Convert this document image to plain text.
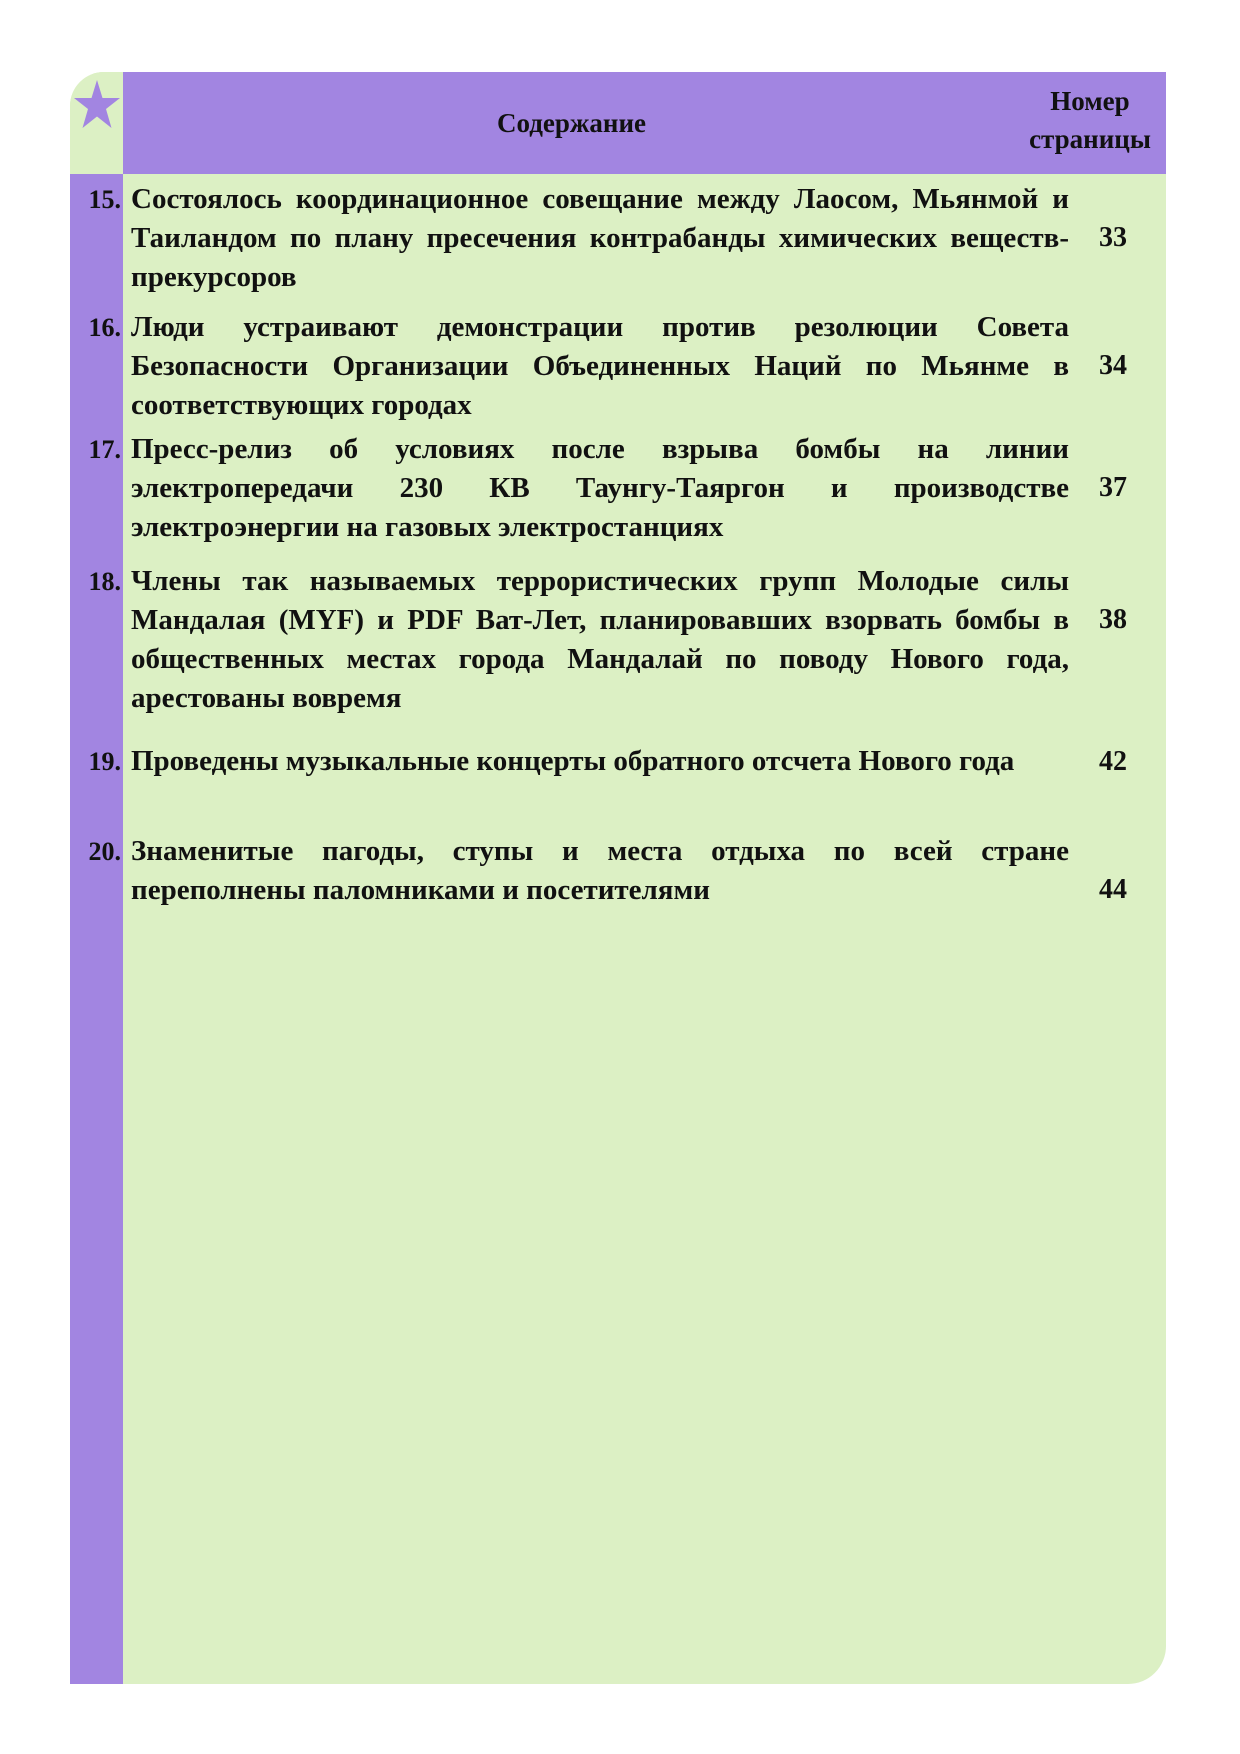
Содержание
Номер
страницы
15. Состоялось координационное совещание между Лаосом, Мьянмой и Таиландом по плану пресечения контрабанды химических веществ-прекурсоров
33
16. Люди устраивают демонстрации против резолюции Совета Безопасности Организации Объединенных Наций по Мьянме в соответствующих городах
34
17. Пресс-релиз об условиях после взрыва бомбы на линии электропередачи 230 КВ Таунгу-Таяргон и производстве электроэнергии на газовых электростанциях
37
18. Члены так называемых террористических групп Молодые силы Мандалая (MYF) и PDF Ват-Лет, планировавших взорвать бомбы в общественных местах города Мандалай по поводу Нового года, арестованы вовремя
38
19. Проведены музыкальные концерты обратного отсчета Нового года	42
20. Знаменитые пагоды, ступы и места отдыха по всей стране переполнены паломниками и посетителями	44
